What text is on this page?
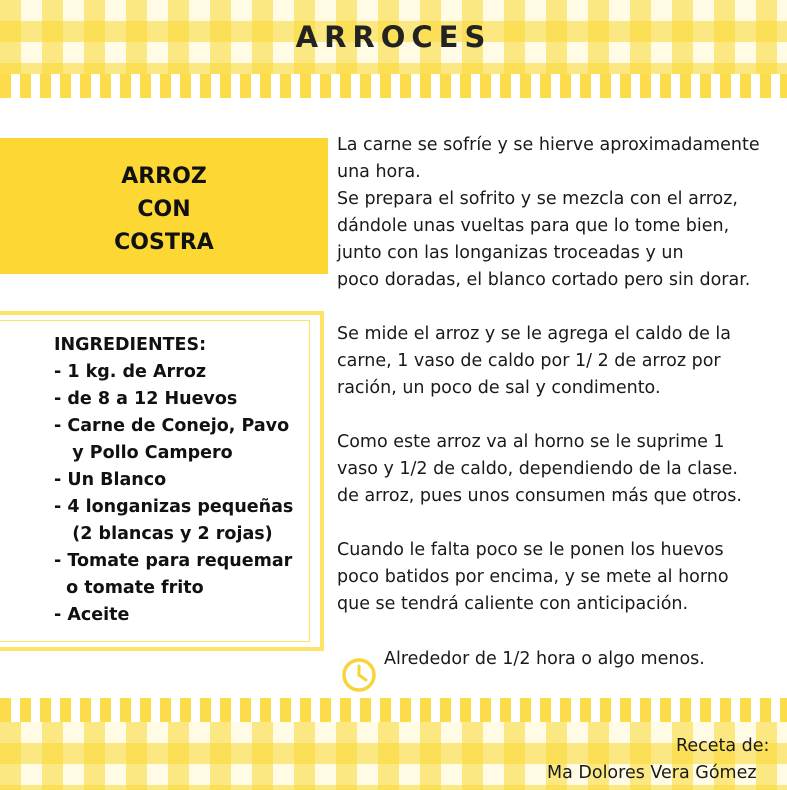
ARROCES
ARROZ
CON
COSTRA
INGREDIENTES:
- 1 kg. de Arroz
- de 8 a 12 Huevos
- Carne de Conejo, Pavo
y Pollo Campero
- Un Blanco
- 4 longanizas pequeñas
(2 blancas y 2 rojas)
- Tomate para requemar
o tomate frito
- Aceite

La carne se sofríe y se hierve aproximadamente
una hora.
Se prepara el sofrito y se mezcla con el arroz,
dándole unas vueltas para que lo tome bien,
junto con las longanizas troceadas y un
poco doradas, el blanco cortado pero sin dorar.

Se mide el arroz y se le agrega el caldo de la
carne, 1 vaso de caldo por 1/ 2 de arroz por
ración, un poco de sal y condimento.

Como este arroz va al horno se le suprime 1
vaso y 1/2 de caldo, dependiendo de la clase.
de arroz, pues unos consumen más que otros.

Cuando le falta poco se le ponen los huevos
poco batidos por encima, y se mete al horno
que se tendrá caliente con anticipación.

Alrededor de 1/2 hora o algo menos.
Receta de:
Ma Dolores Vera Gómez
